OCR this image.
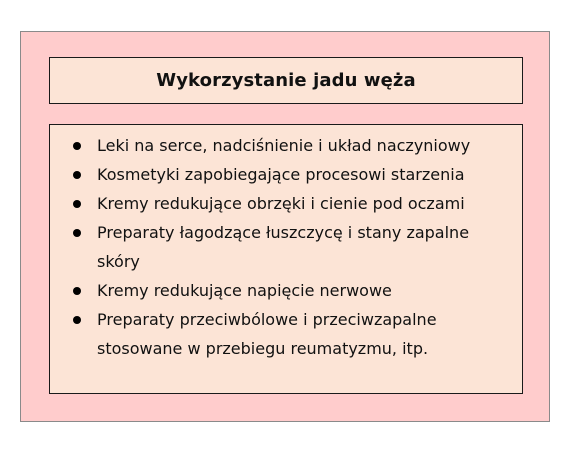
Wykorzystanie jadu węża
Leki na serce, nadciśnienie i układ naczyniowy
Kosmetyki zapobiegające procesowi starzenia
Kremy redukujące obrzęki i cienie pod oczami
Preparaty łagodzące łuszczycę i stany zapalne
skóry
Kremy redukujące napięcie nerwowe
Preparaty przeciwbólowe i przeciwzapalne
stosowane w przebiegu reumatyzmu, itp.
